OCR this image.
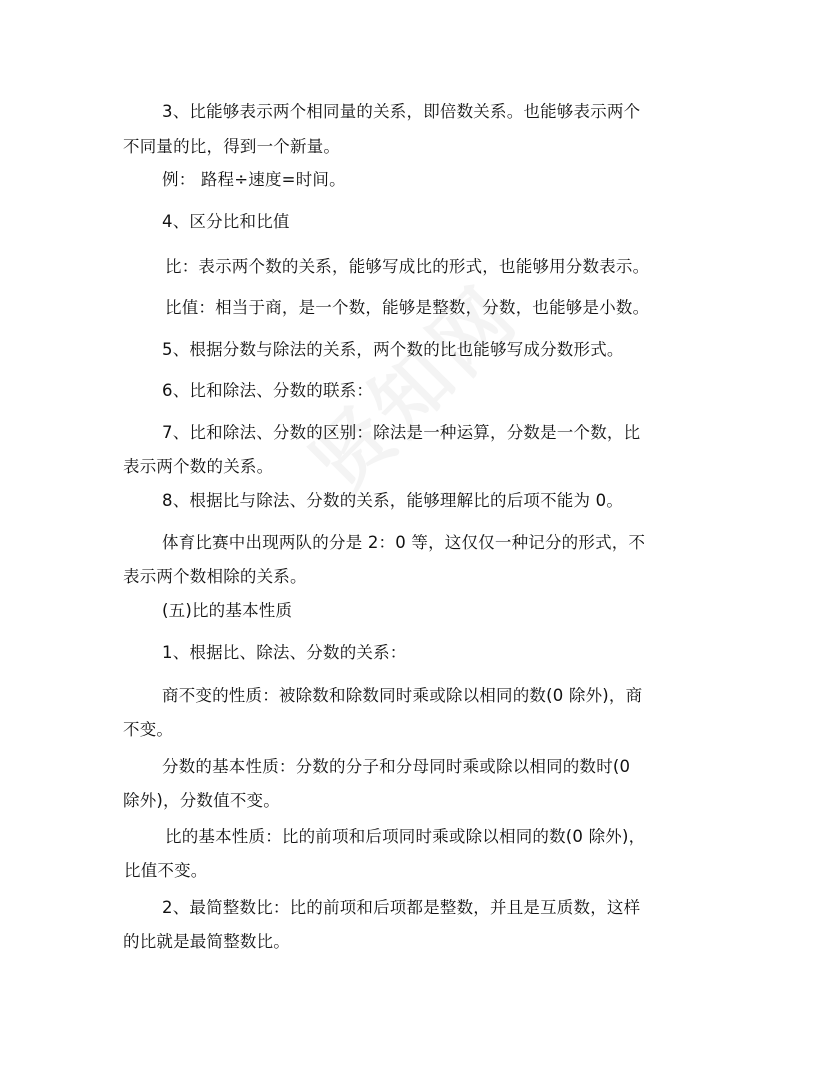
3、比能够表示两个相同量的关系，即倍数关系。也能够表示两个
不同量的比，得到一个新量。
例： 路程÷速度=时间。
4、区分比和比值
比：表示两个数的关系，能够写成比的形式，也能够用分数表示。
比值：相当于商，是一个数，能够是整数，分数，也能够是小数。
5、根据分数与除法的关系，两个数的比也能够写成分数形式。
6、比和除法、分数的联系：
7、比和除法、分数的区别：除法是一种运算，分数是一个数，比
表示两个数的关系。
8、根据比与除法、分数的关系，能够理解比的后项不能为 0。
体育比赛中出现两队的分是 2：0 等，这仅仅一种记分的形式，不
表示两个数相除的关系。
(五)比的基本性质
1、根据比、除法、分数的关系：
商不变的性质：被除数和除数同时乘或除以相同的数(0 除外)，商
不变。
分数的基本性质：分数的分子和分母同时乘或除以相同的数时(0
除外)，分数值不变。
比的基本性质：比的前项和后项同时乘或除以相同的数(0 除外)，
比值不变。
2、最简整数比：比的前项和后项都是整数，并且是互质数，这样
的比就是最简整数比。
